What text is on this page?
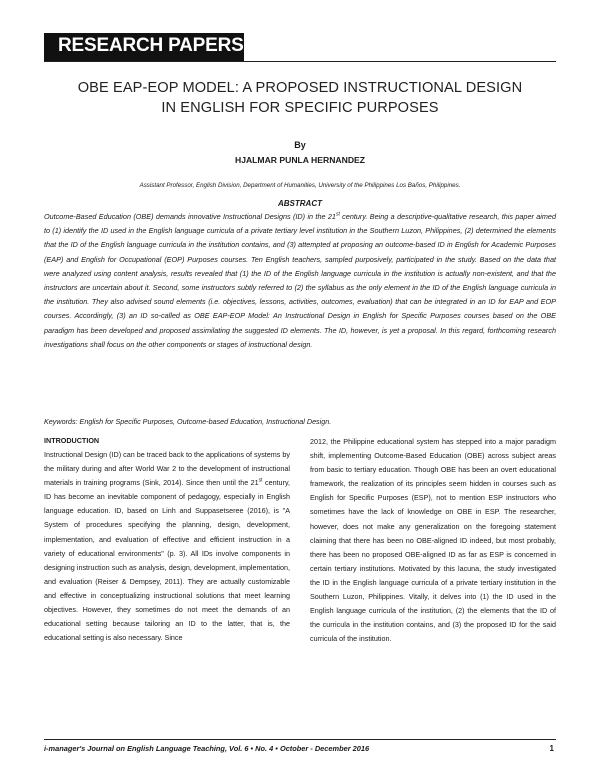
RESEARCH PAPERS
OBE EAP-EOP MODEL: A PROPOSED INSTRUCTIONAL DESIGN
IN ENGLISH FOR SPECIFIC PURPOSES
By
HJALMAR PUNLA HERNANDEZ
Assistant Professor, English Division, Department of Humanities, University of the Philippines Los Baños, Philippines.
ABSTRACT
Outcome-Based Education (OBE) demands innovative Instructional Designs (ID) in the 21st century. Being a descriptive-qualitative research, this paper aimed to (1) identify the ID used in the English language curricula of a private tertiary level institution in the Southern Luzon, Philippines, (2) determined the elements that the ID of the English language curricula in the institution contains, and (3) attempted at proposing an outcome-based ID in English for Academic Purposes (EAP) and English for Occupational (EOP) Purposes courses. Ten English teachers, sampled purposively, participated in the study. Based on the data that were analyzed using content analysis, results revealed that (1) the ID of the English language curricula in the institution is actually non-existent, and that the instructors are uncertain about it. Second, some instructors subtly referred to (2) the syllabus as the only element in the ID of the English language curricula in the institution. They also advised sound elements (i.e. objectives, lessons, activities, outcomes, evaluation) that can be integrated in an ID for EAP and EOP courses. Accordingly, (3) an ID so-called as OBE EAP-EOP Model: An Instructional Design in English for Specific Purposes courses based on the OBE paradigm has been developed and proposed assimilating the suggested ID elements. The ID, however, is yet a proposal. In this regard, forthcoming research investigations shall focus on the other components or stages of instructional design.
Keywords: English for Specific Purposes, Outcome-based Education, Instructional Design.
INTRODUCTION
Instructional Design (ID) can be traced back to the applications of systems by the military during and after World War 2 to the development of instructional materials in training programs (Sink, 2014). Since then until the 21st century, ID has become an inevitable component of pedagogy, especially in English language education. ID, based on Linh and Suppasetseree (2016), is "A System of procedures specifying the planning, design, development, implementation, and evaluation of effective and efficient instruction in a variety of educational environments" (p. 3). All IDs involve components in designing instruction such as analysis, design, development, implementation, and evaluation (Reiser & Dempsey, 2011). They are actually customizable and effective in conceptualizing instructional solutions that meet learning objectives. However, they sometimes do not meet the demands of an educational setting because tailoring an ID to the latter, that is, the educational setting is also necessary. Since
2012, the Philippine educational system has stepped into a major paradigm shift, implementing Outcome-Based Education (OBE) across subject areas from basic to tertiary education. Though OBE has been an overt educational framework, the realization of its principles seem hidden in courses such as English for Specific Purposes (ESP), not to mention ESP instructors who sometimes have the lack of knowledge on OBE in ESP. The researcher, however, does not make any generalization on the foregoing statement claiming that there has been no OBE-aligned ID indeed, but most probably, there has been no proposed OBE-aligned ID as far as ESP is concerned in certain tertiary institutions. Motivated by this lacuna, the study investigated the ID in the English language curricula of a private tertiary institution in the Southern Luzon, Philippines. Vitally, it delves into (1) the ID used in the English language curricula of the institution, (2) the elements that the ID of the curricula in the institution contains, and (3) the proposed ID for the said curricula of the institution.
i-manager's Journal on English Language Teaching, Vol. 6 • No. 4 • October - December 2016	1
